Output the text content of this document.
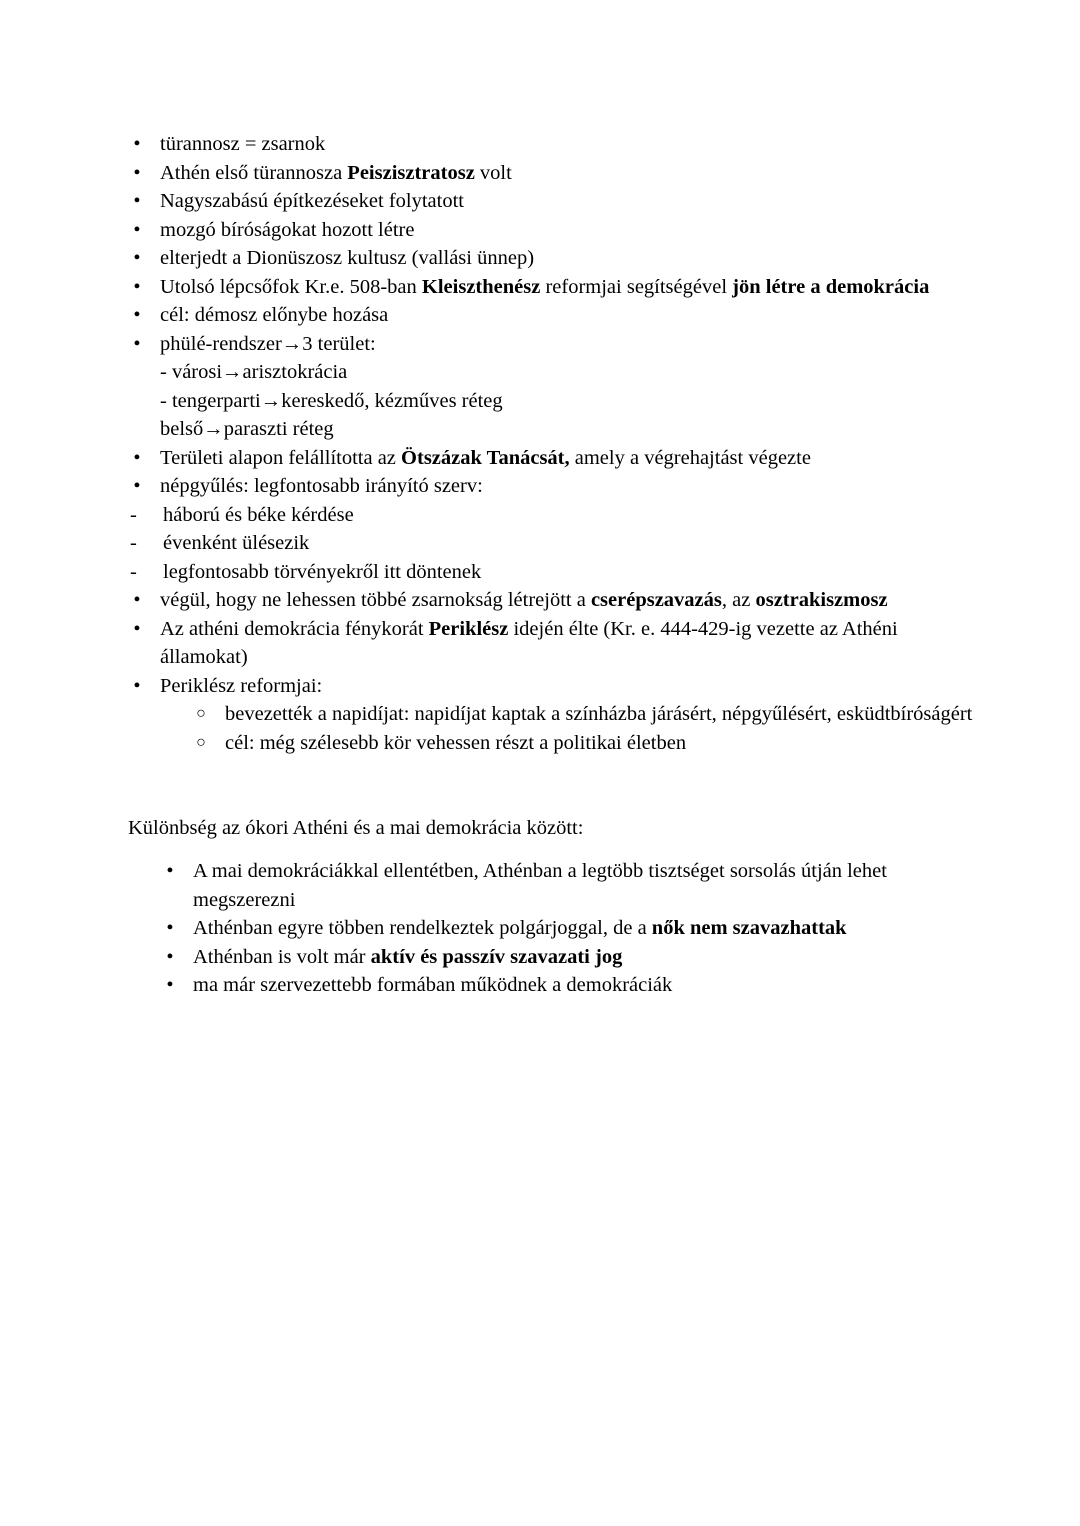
• türannosz = zsarnok
• Athén első türannosza Peiszisztratosz volt
• Nagyszabású építkezéseket folytatott
• mozgó bíróságokat hozott létre
• elterjedt a Dionüszosz kultusz (vallási ünnep)
• Utolsó lépcsőfok Kr.e. 508-ban Kleiszthenész reformjai segítségével jön létre a demokrácia
• cél: démosz előnybe hozása
• phülé-rendszer→3 terület:
- városi→arisztokrácia
- tengerparti→kereskedő, kézműves réteg
belső→paraszti réteg
• Területi alapon felállította az Ötszázak Tanácsát, amely a végrehajtást végezte
• népgyűlés: legfontosabb irányító szerv:
- háború és béke kérdése
- évenként ülésezik
- legfontosabb törvényekről itt döntenek
• végül, hogy ne lehessen többé zsarnokság létrejött a cserépszavazás, az osztrakiszmosz
• Az athéni demokrácia fénykorát Periklész idején élte (Kr. e. 444-429-ig vezette az Athéni államokat)
• Periklész reformjai:
○ bevezették a napidíjat: napidíjat kaptak a színházba járásért, népgyűlésért, esküdtbíróságért
○ cél: még szélesebb kör vehessen részt a politikai életben
Különbség az ókori Athéni és a mai demokrácia között:
• A mai demokráciákkal ellentétben, Athénban a legtöbb tisztséget sorsolás útján lehet megszerezni
• Athénban egyre többen rendelkeztek polgárjoggal, de a nők nem szavazhattak
• Athénban is volt már aktív és passzív szavazati jog
• ma már szervezettebb formában működnek a demokráciák
